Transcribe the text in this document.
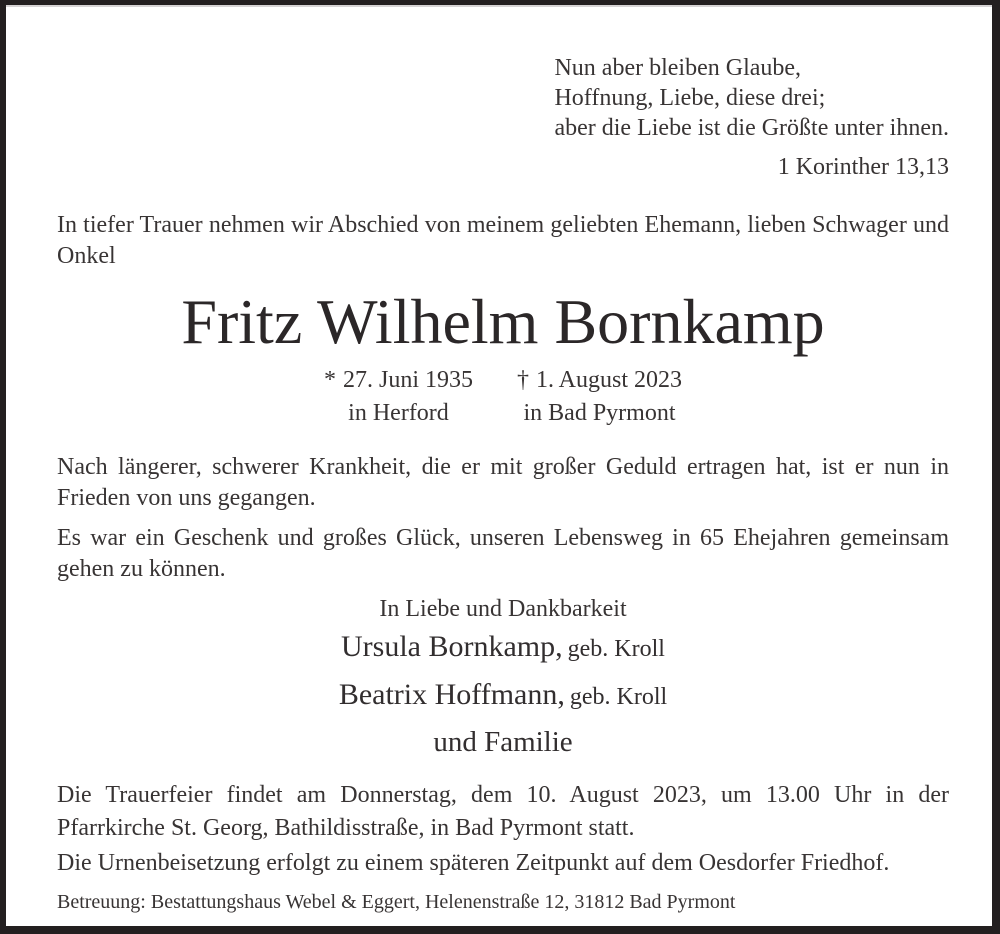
Nun aber bleiben Glaube,
Hoffnung, Liebe, diese drei;
aber die Liebe ist die Größte unter ihnen.
1 Korinther 13,13

In tiefer Trauer nehmen wir Abschied von meinem geliebten Ehemann, lieben Schwager und Onkel

Fritz Wilhelm Bornkamp
* 27. Juni 1935
in Herford
† 1. August 2023
in Bad Pyrmont

Nach längerer, schwerer Krankheit, die er mit großer Geduld ertragen hat, ist er nun in Frieden von uns gegangen.

Es war ein Geschenk und großes Glück, unseren Lebensweg in 65 Ehejahren gemeinsam gehen zu können.

In Liebe und Dankbarkeit
Ursula Bornkamp, geb. Kroll
Beatrix Hoffmann, geb. Kroll
und Familie

Die Trauerfeier findet am Donnerstag, dem 10. August 2023, um 13.00 Uhr in der Pfarrkirche St. Georg, Bathildisstraße, in Bad Pyrmont statt.

Die Urnenbeisetzung erfolgt zu einem späteren Zeitpunkt auf dem Oesdorfer Friedhof.

Betreuung: Bestattungshaus Webel & Eggert, Helenenstraße 12, 31812 Bad Pyrmont
